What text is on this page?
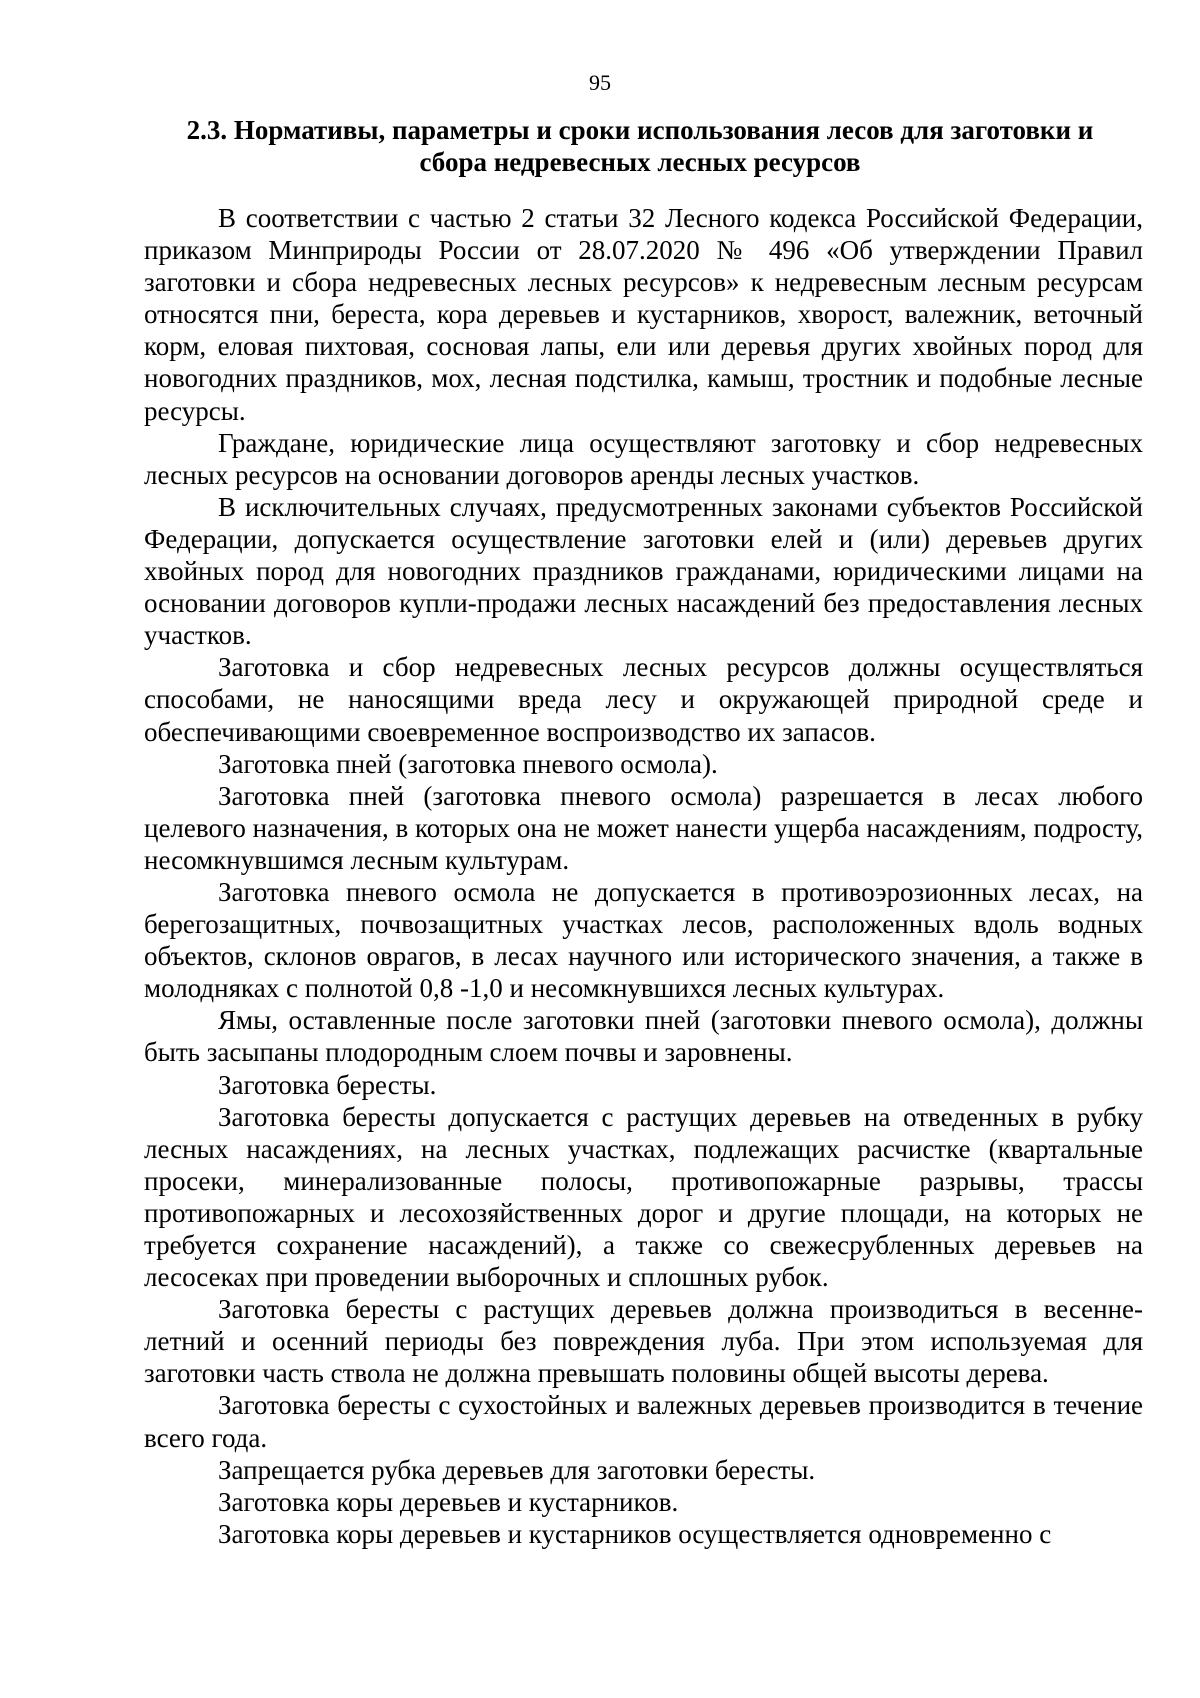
95
2.3. Нормативы, параметры и сроки использования лесов для заготовки и
сбора недревесных лесных ресурсов

В соответствии с частью 2 статьи 32 Лесного кодекса Российской Федерации, приказом Минприроды России от 28.07.2020 № 496 «Об утверждении Правил заготовки и сбора недревесных лесных ресурсов» к недревесным лесным ресурсам относятся пни, береста, кора деревьев и кустарников, хворост, валежник, веточный корм, еловая пихтовая, сосновая лапы, ели или деревья других хвойных пород для новогодних праздников, мох, лесная подстилка, камыш, тростник и подобные лесные ресурсы.

Граждане, юридические лица осуществляют заготовку и сбор недревесных лесных ресурсов на основании договоров аренды лесных участков.

В исключительных случаях, предусмотренных законами субъектов Российской Федерации, допускается осуществление заготовки елей и (или) деревьев других хвойных пород для новогодних праздников гражданами, юридическими лицами на основании договоров купли-продажи лесных насаждений без предоставления лесных участков.

Заготовка и сбор недревесных лесных ресурсов должны осуществляться способами, не наносящими вреда лесу и окружающей природной среде и обеспечивающими своевременное воспроизводство их запасов.

Заготовка пней (заготовка пневого осмола).

Заготовка пней (заготовка пневого осмола) разрешается в лесах любого целевого назначения, в которых она не может нанести ущерба насаждениям, подросту, несомкнувшимся лесным культурам.

Заготовка пневого осмола не допускается в противоэрозионных лесах, на берегозащитных, почвозащитных участках лесов, расположенных вдоль водных объектов, склонов оврагов, в лесах научного или исторического значения, а также в молодняках с полнотой 0,8 -1,0 и несомкнувшихся лесных культурах.

Ямы, оставленные после заготовки пней (заготовки пневого осмола), должны быть засыпаны плодородным слоем почвы и заровнены.

Заготовка бересты.

Заготовка бересты допускается с растущих деревьев на отведенных в рубку лесных насаждениях, на лесных участках, подлежащих расчистке (квартальные просеки, минерализованные полосы, противопожарные разрывы, трассы противопожарных и лесохозяйственных дорог и другие площади, на которых не требуется сохранение насаждений), а также со свежесрубленных деревьев на лесосеках при проведении выборочных и сплошных рубок.

Заготовка бересты с растущих деревьев должна производиться в весенне-летний и осенний периоды без повреждения луба. При этом используемая для заготовки часть ствола не должна превышать половины общей высоты дерева.

Заготовка бересты с сухостойных и валежных деревьев производится в течение всего года.

Запрещается рубка деревьев для заготовки бересты.

Заготовка коры деревьев и кустарников.

Заготовка коры деревьев и кустарников осуществляется одновременно с
